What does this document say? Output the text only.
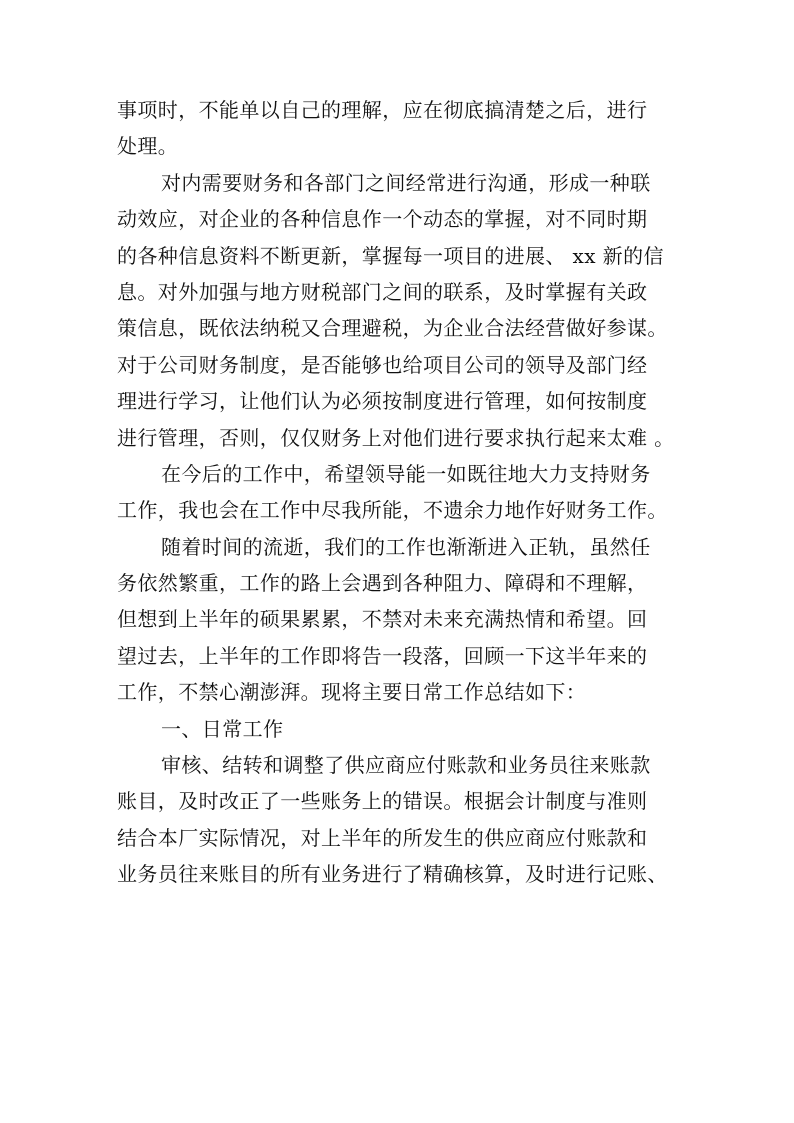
事项时，不能单以自己的理解，应在彻底搞清楚之后，进行
处理。
对内需要财务和各部门之间经常进行沟通，形成一种联
动效应，对企业的各种信息作一个动态的掌握，对不同时期
的各种信息资料不断更新，掌握每一项目的进展、 xx 新的信
息。对外加强与地方财税部门之间的联系，及时掌握有关政
策信息，既依法纳税又合理避税，为企业合法经营做好参谋。
对于公司财务制度，是否能够也给项目公司的领导及部门经
理进行学习，让他们认为必须按制度进行管理，如何按制度
进行管理，否则，仅仅财务上对他们进行要求执行起来太难 。
在今后的工作中，希望领导能一如既往地大力支持财务
工作，我也会在工作中尽我所能，不遗余力地作好财务工作。
随着时间的流逝，我们的工作也渐渐进入正轨，虽然任
务依然繁重，工作的路上会遇到各种阻力、障碍和不理解，
但想到上半年的硕果累累，不禁对未来充满热情和希望。回
望过去，上半年的工作即将告一段落，回顾一下这半年来的
工作，不禁心潮澎湃。现将主要日常工作总结如下：
一、日常工作
审核、结转和调整了供应商应付账款和业务员往来账款
账目，及时改正了一些账务上的错误。根据会计制度与准则
结合本厂实际情况，对上半年的所发生的供应商应付账款和
业务员往来账目的所有业务进行了精确核算，及时进行记账、
